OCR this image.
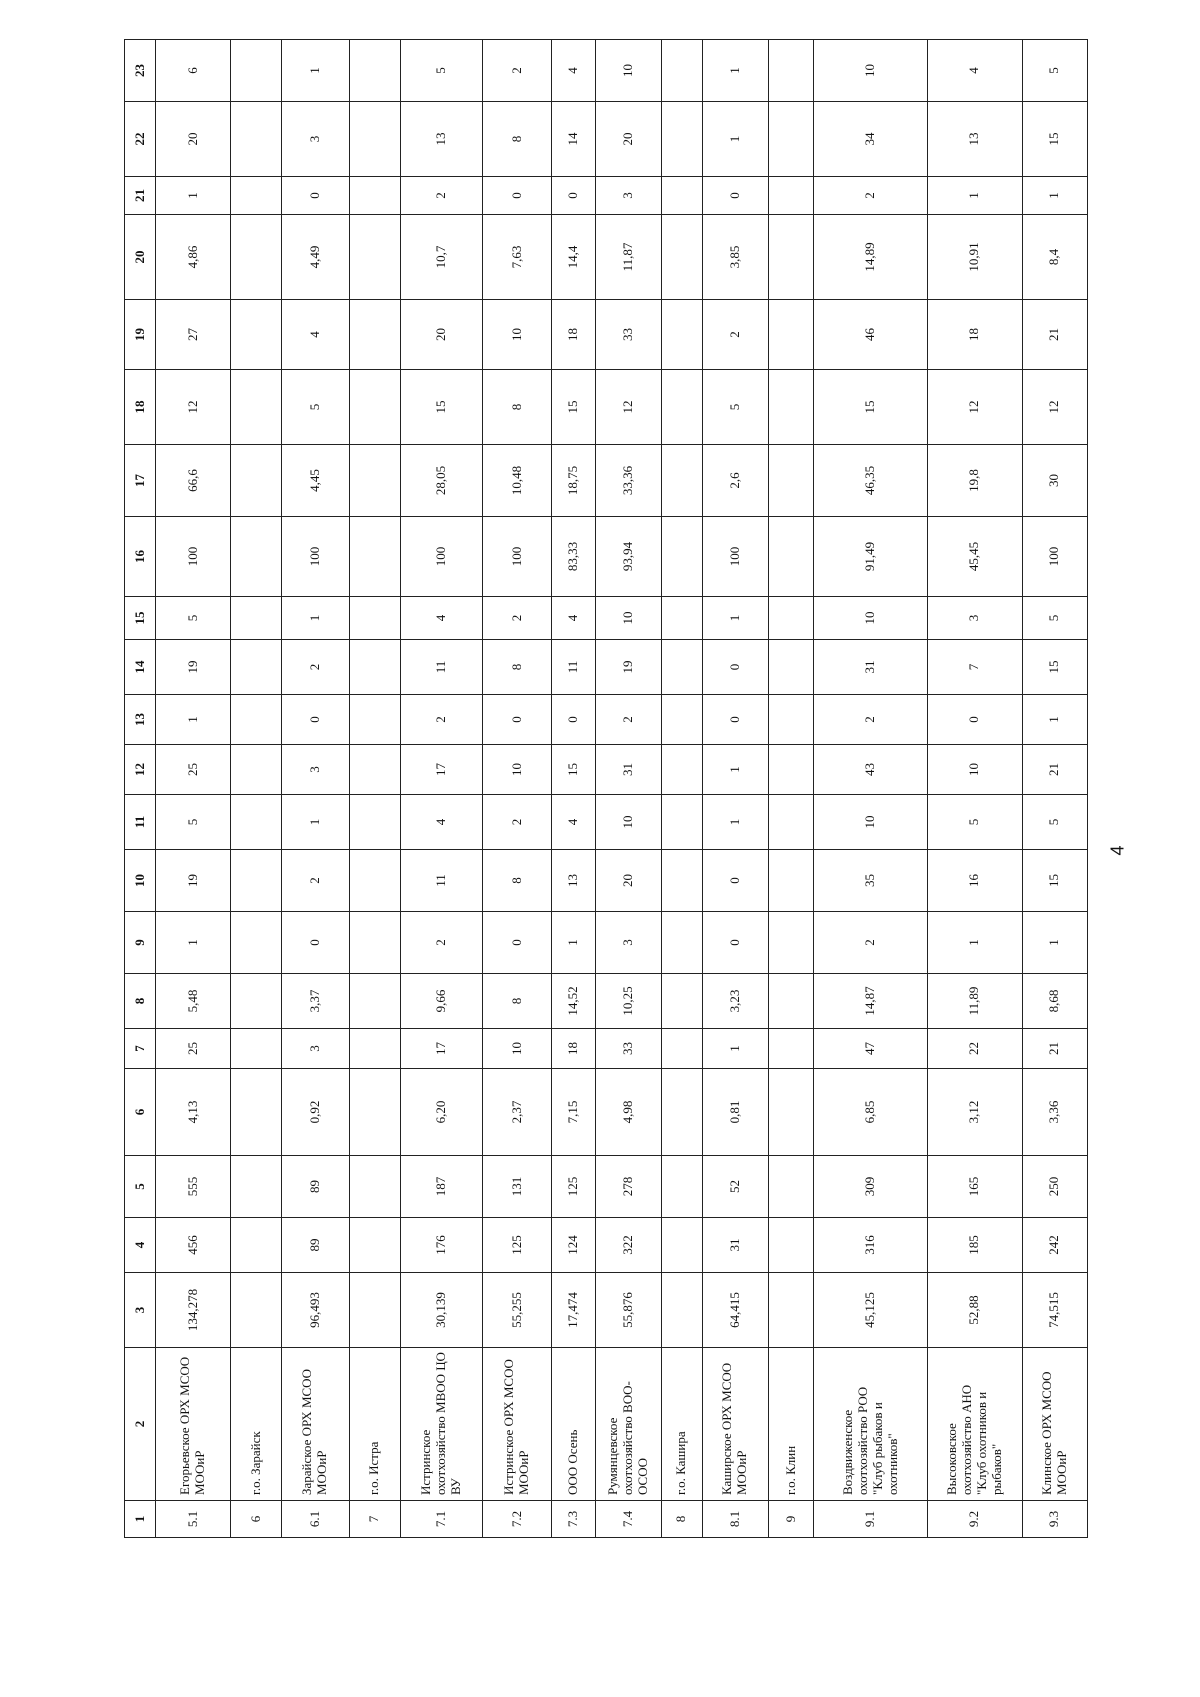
1	2	3	4	5	6	7	8	9	10	11	12	13	14	15	16	17	18	19	20	21	22	23
5.1	Егорьевское ОРХ МСОО МООиР	134,278	456	555	4,13	25	5,48	1	19	5	25	1	19	5	100	66,6	12	27	4,86	1	20	6
6	г.о. Зарайск																					
6.1	Зарайское ОРХ МСОО МООиР	96,493	89	89	0,92	3	3,37	0	2	1	3	0	2	1	100	4,45	5	4	4,49	0	3	1
7	г.о. Истра																					
7.1	Истринское охотхозяйство МВОО ЦО ВУ	30,139	176	187	6,20	17	9,66	2	11	4	17	2	11	4	100	28,05	15	20	10,7	2	13	5
7.2	Истринское ОРХ МСОО МООиР	55,255	125	131	2,37	10	8	0	8	2	10	0	8	2	100	10,48	8	10	7,63	0	8	2
7.3	ООО Осень	17,474	124	125	7,15	18	14,52	1	13	4	15	0	11	4	83,33	18,75	15	18	14,4	0	14	4
7.4	Румянцевское охотхозяйство ВОО-ОСОО	55,876	322	278	4,98	33	10,25	3	20	10	31	2	19	10	93,94	33,36	12	33	11,87	3	20	10
8	г.о. Кашира																					
8.1	Каширское ОРХ МСОО МООиР	64,415	31	52	0,81	1	3,23	0	0	1	1	0	0	1	100	2,6	5	2	3,85	0	1	1
9	г.о. Клин																					
9.1	Воздвиженское охотхозяйство РОО "Клуб рыбаков и охотников"	45,125	316	309	6,85	47	14,87	2	35	10	43	2	31	10	91,49	46,35	15	46	14,89	2	34	10
9.2	Высоковское охотхозяйство АНО "Клуб охотников и рыбаков"	52,88	185	165	3,12	22	11,89	1	16	5	10	0	7	3	45,45	19,8	12	18	10,91	1	13	4
9.3	Клинское ОРХ МСОО МООиР	74,515	242	250	3,36	21	8,68	1	15	5	21	1	15	5	100	30	12	21	8,4	1	15	5
4
